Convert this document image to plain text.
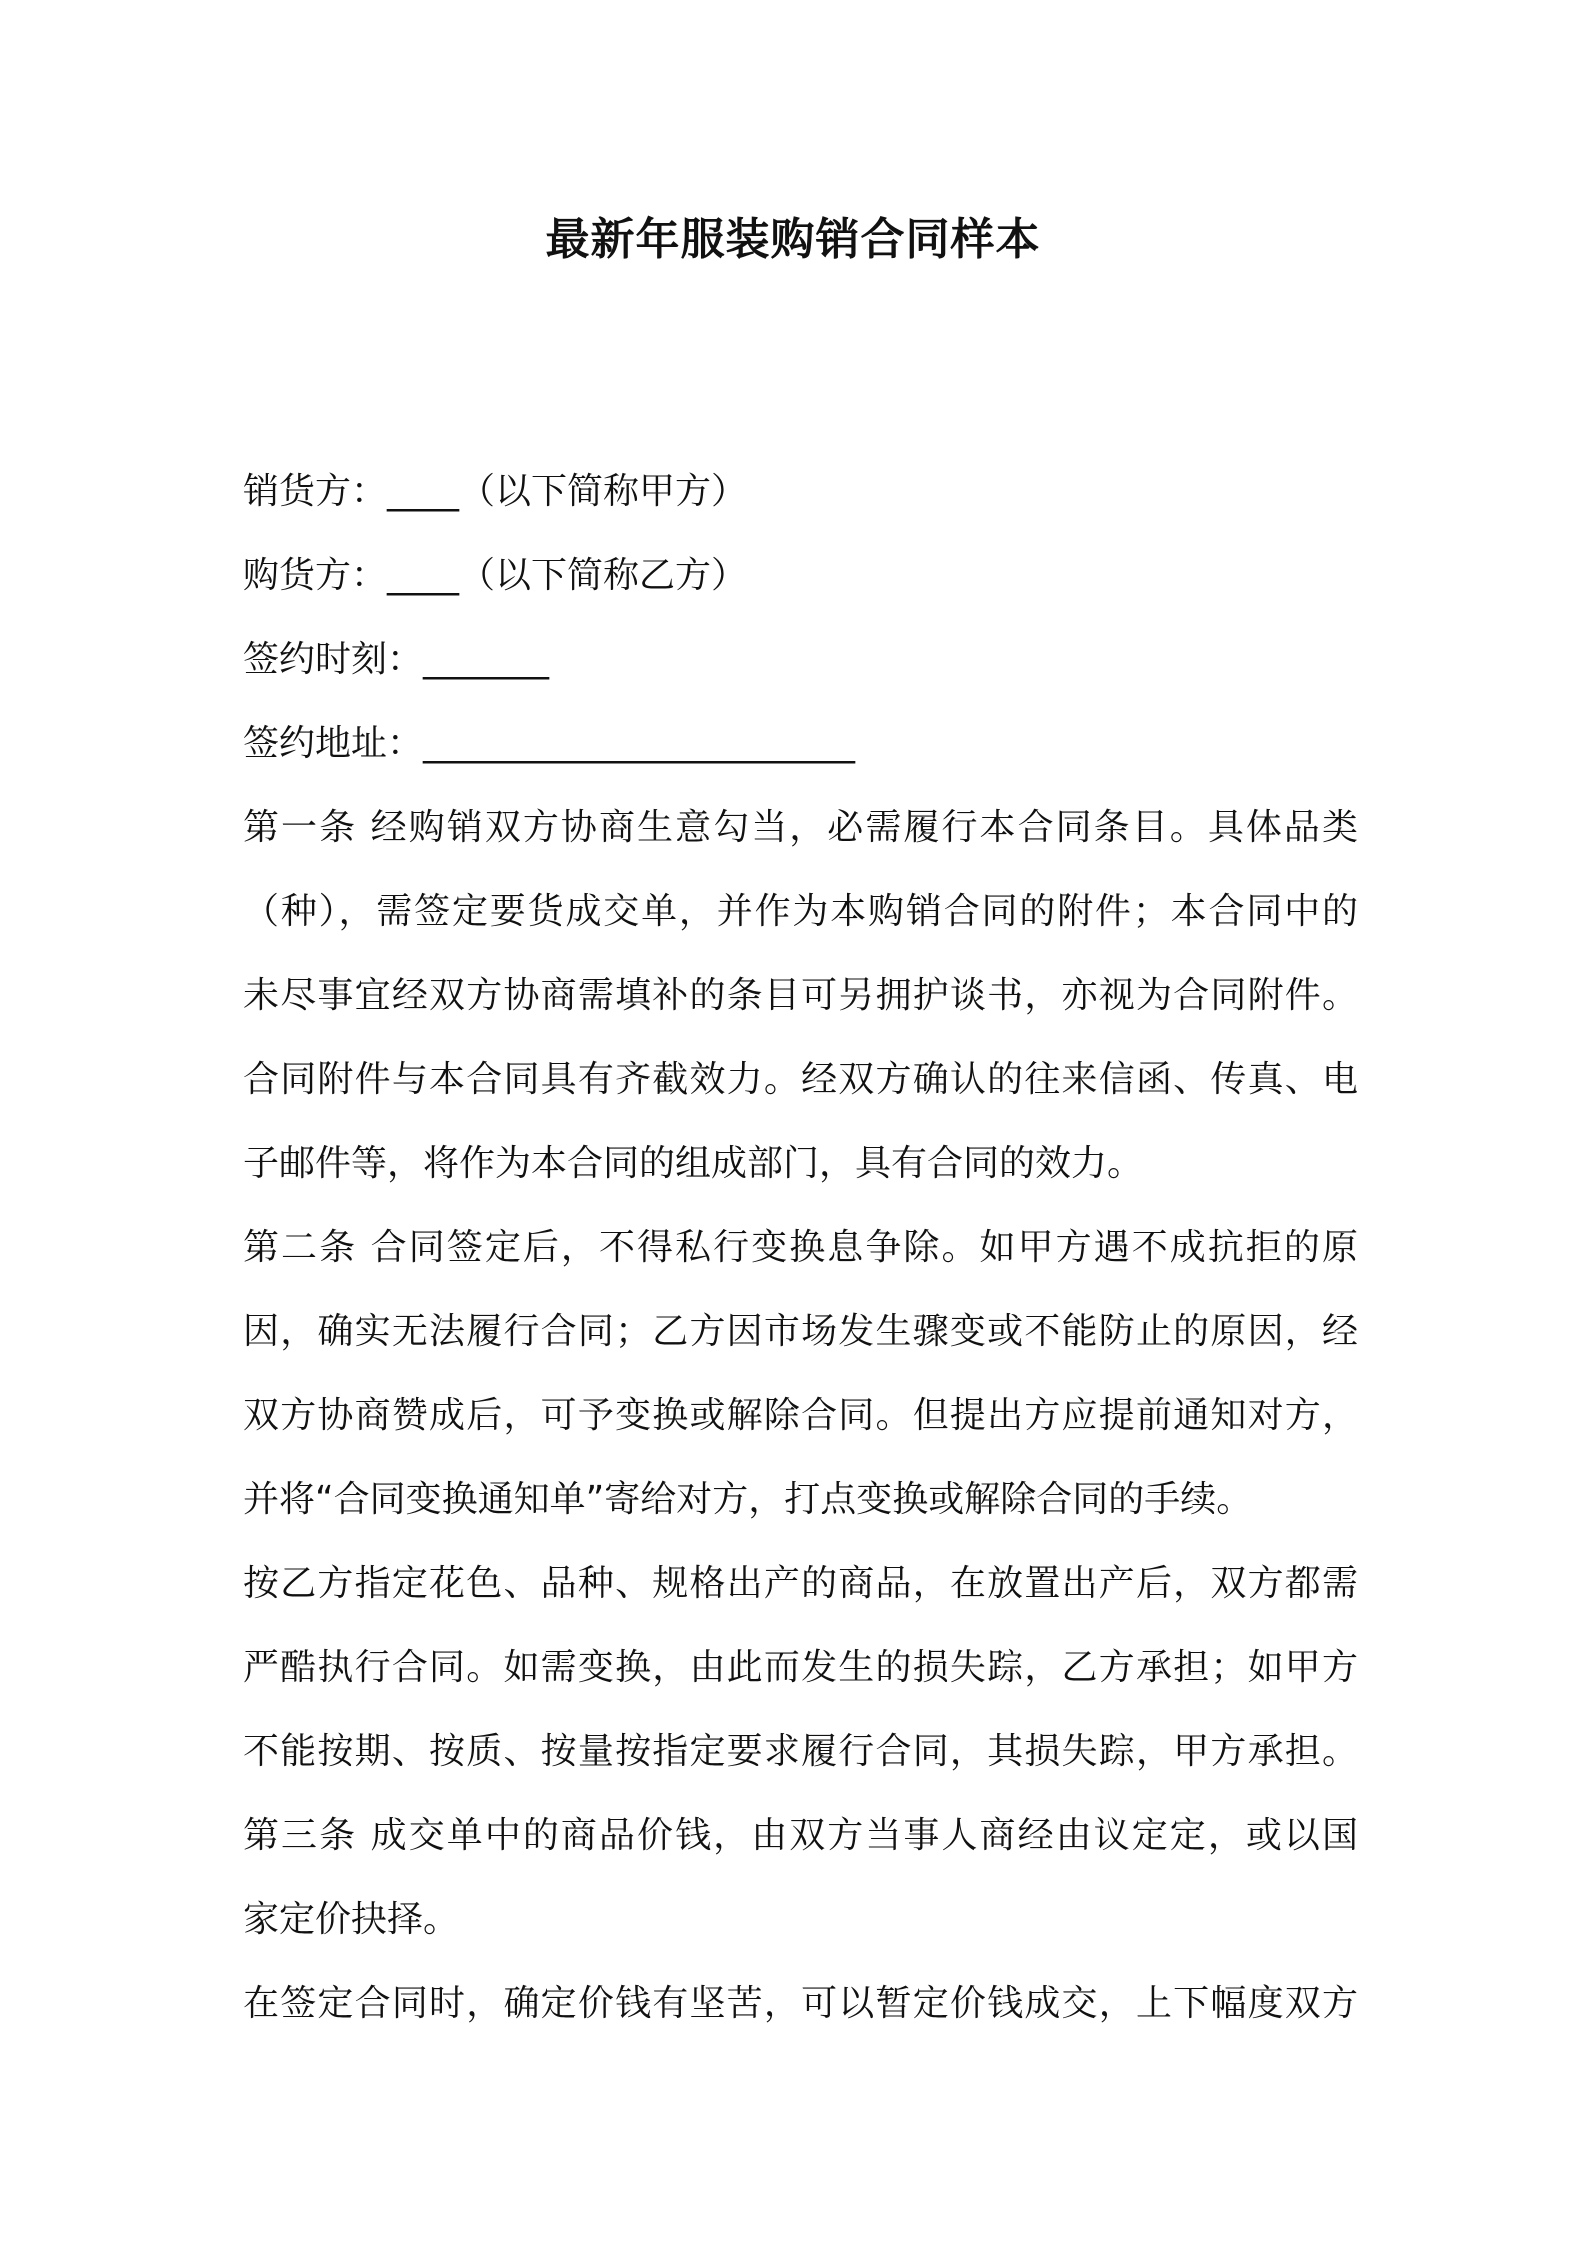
最新年服装购销合同样本
销货方：____（以下简称甲方）
购货方：____（以下简称乙方）
签约时刻：_______
签约地址：________________________
第一条 经购销双方协商生意勾当，必需履行本合同条目。具体品类
（种），需签定要货成交单，并作为本购销合同的附件；本合同中的
未尽事宜经双方协商需填补的条目可另拥护谈书，亦视为合同附件。
合同附件与本合同具有齐截效力。经双方确认的往来信函、传真、电
子邮件等，将作为本合同的组成部门，具有合同的效力。
第二条 合同签定后，不得私行变换息争除。如甲方遇不成抗拒的原
因，确实无法履行合同；乙方因市场发生骤变或不能防止的原因，经
双方协商赞成后，可予变换或解除合同。但提出方应提前通知对方，
并将“合同变换通知单”寄给对方，打点变换或解除合同的手续。
按乙方指定花色、品种、规格出产的商品，在放置出产后，双方都需
严酷执行合同。如需变换，由此而发生的损失踪，乙方承担；如甲方
不能按期、按质、按量按指定要求履行合同，其损失踪，甲方承担。
第三条 成交单中的商品价钱，由双方当事人商经由议定定，或以国
家定价抉择。
在签定合同时，确定价钱有坚苦，可以暂定价钱成交，上下幅度双方
